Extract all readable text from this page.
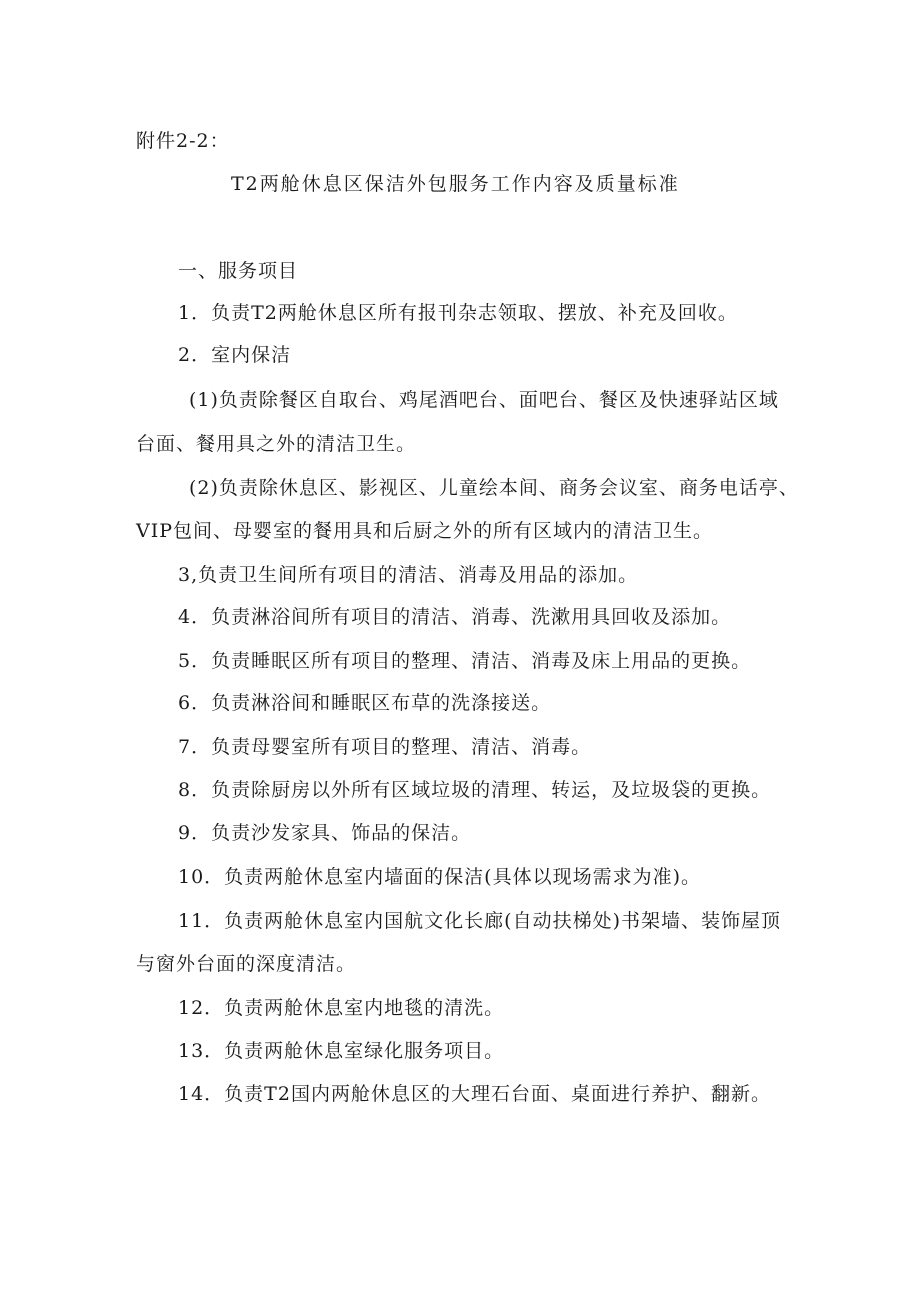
附件2-2：
T2两舱休息区保洁外包服务工作内容及质量标准
一、服务项目
1．负责T2两舱休息区所有报刊杂志领取、摆放、补充及回收。
2．室内保洁
(1)负责除餐区自取台、鸡尾酒吧台、面吧台、餐区及快速驿站区域
台面、餐用具之外的清洁卫生。
(2)负责除休息区、影视区、儿童绘本间、商务会议室、商务电话亭、
VIP包间、母婴室的餐用具和后厨之外的所有区域内的清洁卫生。
3,负责卫生间所有项目的清洁、消毒及用品的添加。
4．负责淋浴间所有项目的清洁、消毒、洗漱用具回收及添加。
5．负责睡眠区所有项目的整理、清洁、消毒及床上用品的更换。
6．负责淋浴间和睡眠区布草的洗涤接送。
7．负责母婴室所有项目的整理、清洁、消毒。
8．负责除厨房以外所有区域垃圾的清理、转运，及垃圾袋的更换。
9．负责沙发家具、饰品的保洁。
10．负责两舱休息室内墙面的保洁(具体以现场需求为准)。
11．负责两舱休息室内国航文化长廊(自动扶梯处)书架墙、装饰屋顶
与窗外台面的深度清洁。
12．负责两舱休息室内地毯的清洗。
13．负责两舱休息室绿化服务项目。
14．负责T2国内两舱休息区的大理石台面、桌面进行养护、翻新。
